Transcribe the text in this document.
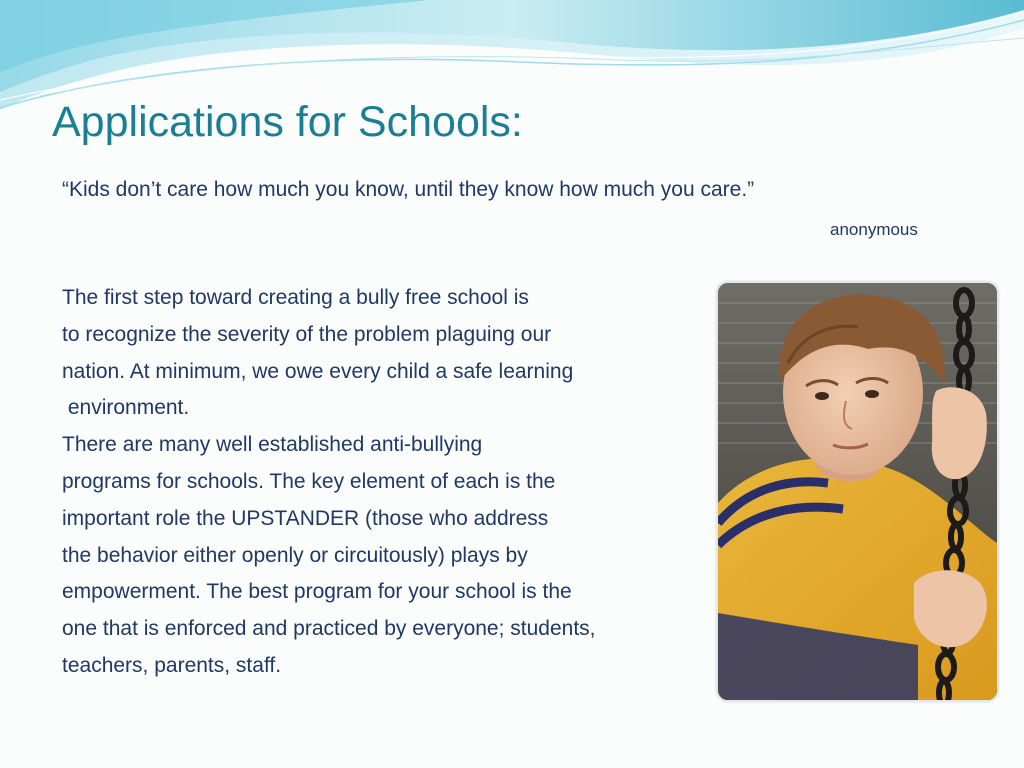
Applications for Schools:
“Kids don’t care how much you know, until they know how much you care.”
anonymous
The first step toward creating a bully free school is
to recognize the severity of the problem plaguing our
nation. At minimum, we owe every child a safe learning
environment.
There are many well established anti-bullying
programs for schools. The key element of each is the
important role the UPSTANDER (those who address
the behavior either openly or circuitously) plays by
empowerment. The best program for your school is the
one that is enforced and practiced by everyone; students,
teachers, parents, staff.
